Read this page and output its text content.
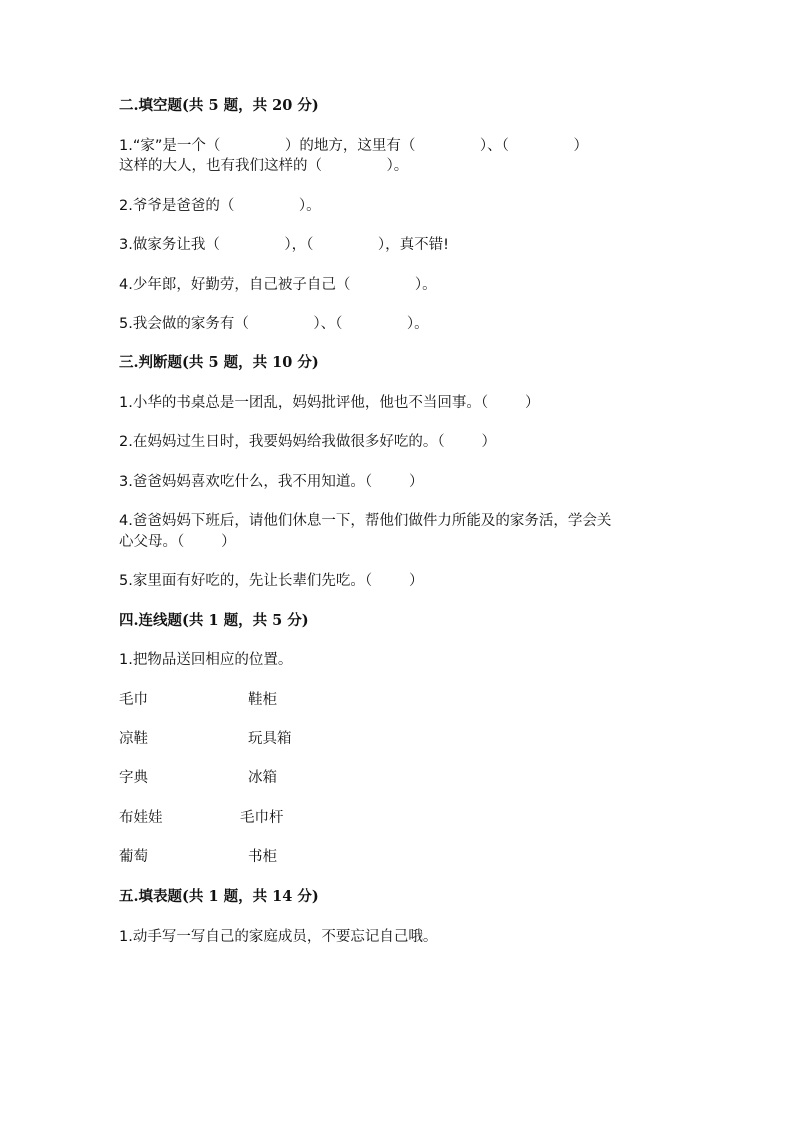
二.填空题(共 5 题，共 20 分)
1.“家”是一个（              ）的地方，这里有（              ）、（              ）
这样的大人，也有我们这样的（              ）。
2.爷爷是爸爸的（              ）。
3.做家务让我（              ），（              ），真不错!
4.少年郎，好勤劳，自己被子自己（              ）。
5.我会做的家务有（              ）、（              ）。
三.判断题(共 5 题，共 10 分)
1.小华的书桌总是一团乱，妈妈批评他，他也不当回事。（        ）
2.在妈妈过生日时，我要妈妈给我做很多好吃的。（        ）
3.爸爸妈妈喜欢吃什么，我不用知道。（        ）
4.爸爸妈妈下班后，请他们休息一下，帮他们做件力所能及的家务活，学会关
心父母。（        ）
5.家里面有好吃的，先让长辈们先吃。（        ）
四.连线题(共 1 题，共 5 分)
1.把物品送回相应的位置。
毛巾	鞋柜
凉鞋	玩具箱
字典	冰箱
布娃娃	毛巾杆
葡萄	书柜
五.填表题(共 1 题，共 14 分)
1.动手写一写自己的家庭成员，不要忘记自己哦。
